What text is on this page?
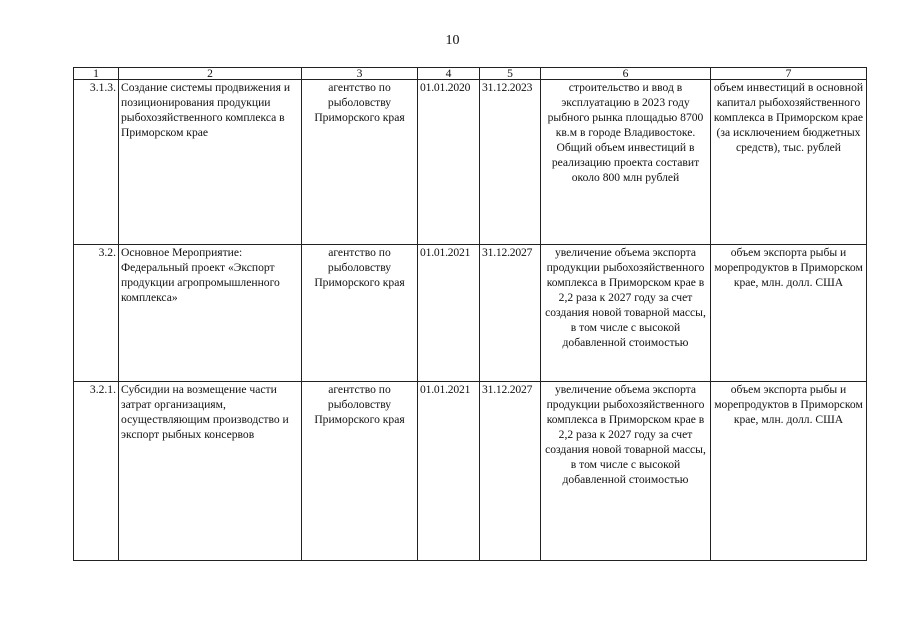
10
1	2	3	4	5	6	7
3.1.3.	Создание системы продвижения и позиционирования продукции рыбохозяйственного комплекса в Приморском крае	агентство по рыболовству Приморского края	01.01.2020	31.12.2023	строительство и ввод в эксплуатацию в 2023 году рыбного рынка площадью 8700 кв.м в городе Владивостоке. Общий объем инвестиций в реализацию проекта составит около 800 млн рублей	объем инвестиций в основной капитал рыбохозяйственного комплекса в Приморском крае (за исключением бюджетных средств), тыс. рублей
3.2.	Основное Мероприятие: Федеральный проект «Экспорт продукции агропромышленного комплекса»	агентство по рыболовству Приморского края	01.01.2021	31.12.2027	увеличение объема экспорта продукции рыбохозяйственного комплекса в Приморском крае в 2,2 раза к 2027 году за счет создания новой товарной массы, в том числе с высокой добавленной стоимостью	объем экспорта рыбы и морепродуктов в Приморском крае, млн. долл. США
3.2.1.	Субсидии на возмещение части затрат организациям, осуществляющим производство и экспорт рыбных консервов	агентство по рыболовству Приморского края	01.01.2021	31.12.2027	увеличение объема экспорта продукции рыбохозяйственного комплекса в Приморском крае в 2,2 раза к 2027 году за счет создания новой товарной массы, в том числе с высокой добавленной стоимостью	объем экспорта рыбы и морепродуктов в Приморском крае, млн. долл. США
